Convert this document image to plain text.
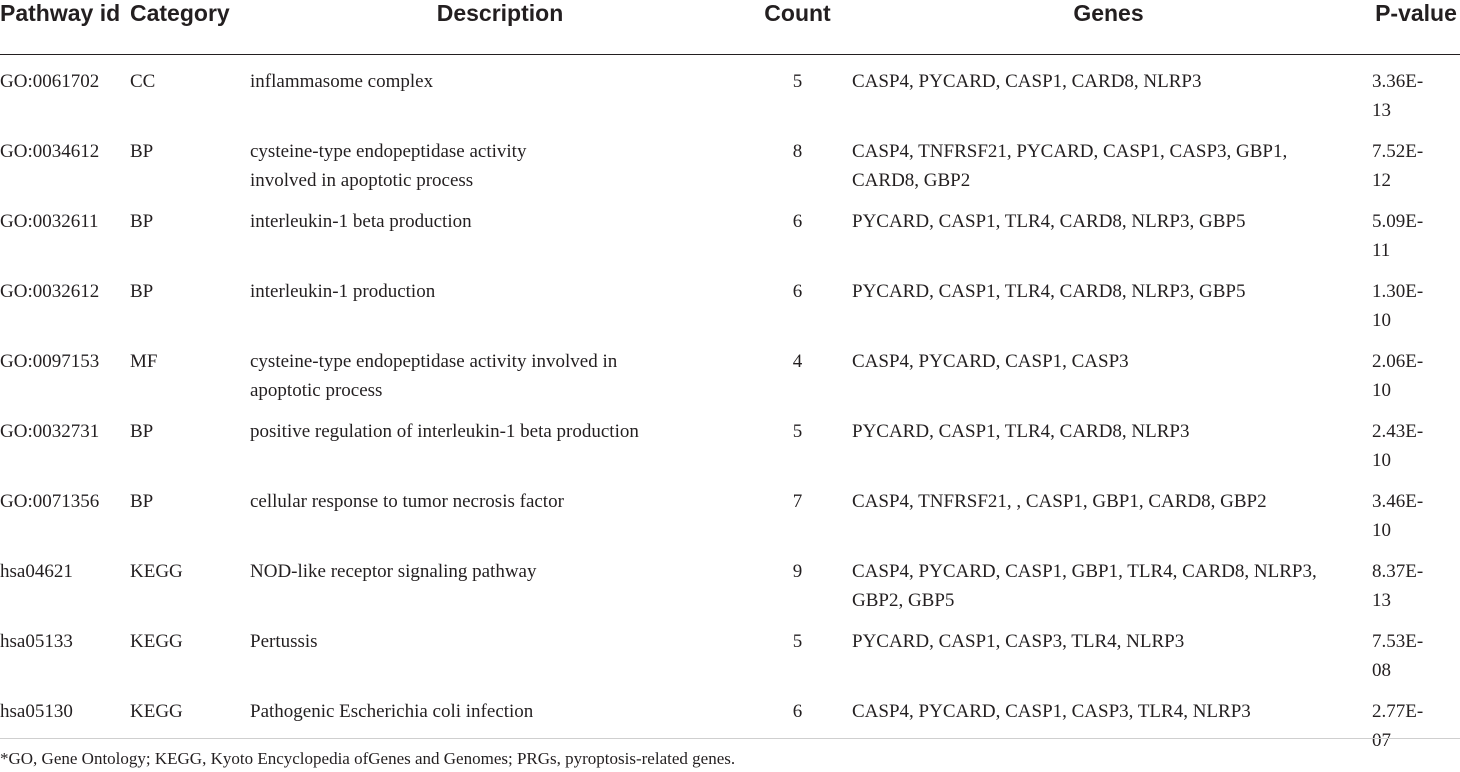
Pathway id	Category	Description	Count	Genes	P-value
GO:0061702	CC	inflammasome complex	5	CASP4, PYCARD, CASP1, CARD8, NLRP3	3.36E-
13

GO:0034612	BP	cysteine-type endopeptidase activity
involved in apoptotic process	8	CASP4, TNFRSF21, PYCARD, CASP1, CASP3, GBP1,
CARD8, GBP2	7.52E-
12

GO:0032611	BP	interleukin-1 beta production	6	PYCARD, CASP1, TLR4, CARD8, NLRP3, GBP5	5.09E-
11

GO:0032612	BP	interleukin-1 production	6	PYCARD, CASP1, TLR4, CARD8, NLRP3, GBP5	1.30E-
10

GO:0097153	MF	cysteine-type endopeptidase activity involved in
apoptotic process	4	CASP4, PYCARD, CASP1, CASP3	2.06E-
10

GO:0032731	BP	positive regulation of interleukin-1 beta production	5	PYCARD, CASP1, TLR4, CARD8, NLRP3	2.43E-
10

GO:0071356	BP	cellular response to tumor necrosis factor	7	CASP4, TNFRSF21, , CASP1, GBP1, CARD8, GBP2	3.46E-
10

hsa04621	KEGG	NOD-like receptor signaling pathway	9	CASP4, PYCARD, CASP1, GBP1, TLR4, CARD8, NLRP3,
GBP2, GBP5	8.37E-
13

hsa05133	KEGG	Pertussis	5	PYCARD, CASP1, CASP3, TLR4, NLRP3	7.53E-
08

hsa05130	KEGG	Pathogenic Escherichia coli infection	6	CASP4, PYCARD, CASP1, CASP3, TLR4, NLRP3	2.77E-
07
*GO, Gene Ontology; KEGG, Kyoto Encyclopedia ofGenes and Genomes; PRGs, pyroptosis-related genes.
